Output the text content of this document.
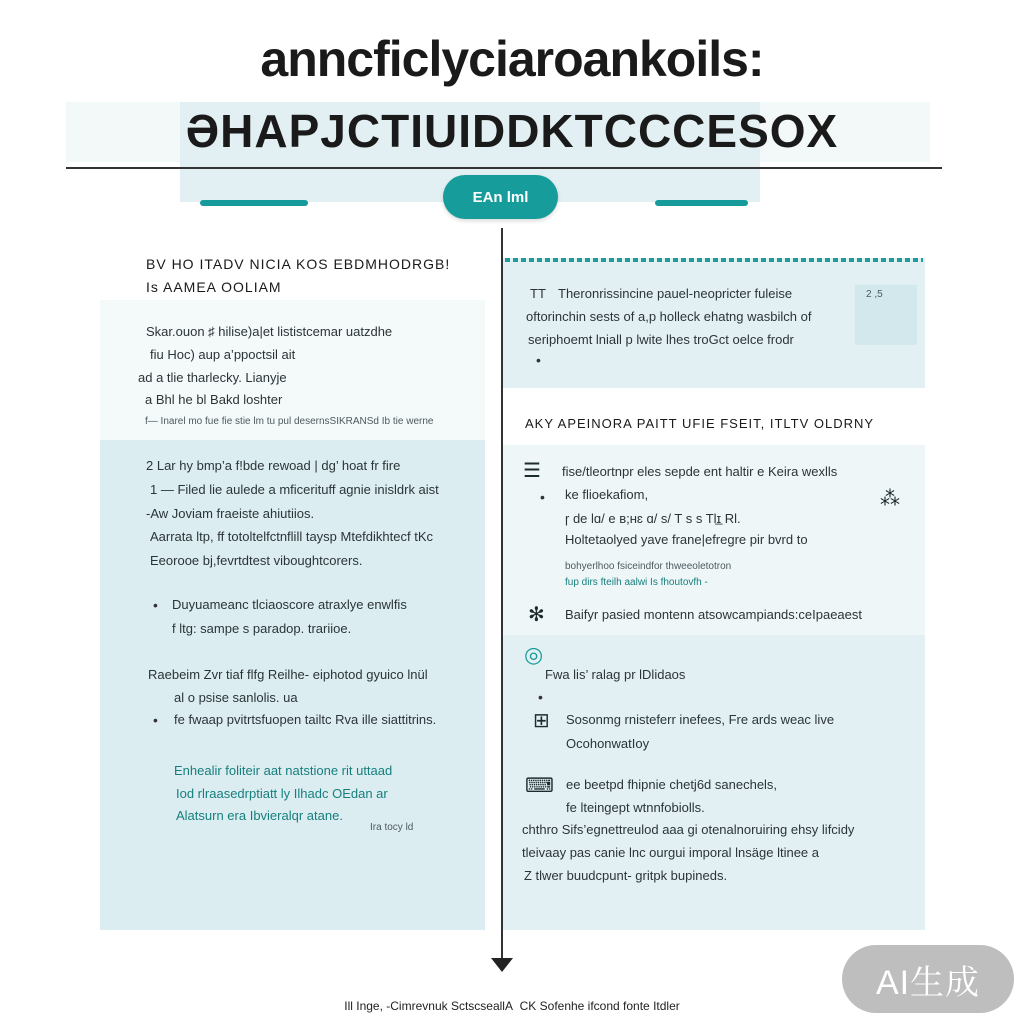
anncficlyciaroankoils:
ƏHAPJCTIUIDDKTCCCESOX
EAn lml
BV HO ITADV NICIA KOS EBDMHODRGB!
Is AAMEA OOLIAM
Skar.ouon ♯ hilise)a|et lististcemar uatzdhe
fiu Hoc) aup a’ppoctsil ait
ad a tlie tharlecky. Lianyje
a Bhl he bl Bakd loshter
f— Inarel mo fue fie stie lm tu pul desernsSIKRANSd Ib tie werne
2 Lar hy bmp’a f!bde rewoad | dg’ hoat fr fire
1 — Filed lie aulede a mficerituff agnie inisldrk aist
-Aw Joviam fraeiste ahiutiios.
Aarrata ltp, ff totoltelfctnflill taysp Mtefdikhtecf tKc
Eeorooe bj,fevrtdtest viboughtcorers.
• Duyuameanc tlciaoscore atraxlye enwlfis
f ltg: sampe s paradop. trariioe.
Raebeim Zvr tiaf flfg Reilhe- eiphotod gyuico lnül
al o psise sanlolis. ua
• fe fwaap pvitrtsfuopen tailtc Rva ille siattitrins.
Enhealir foliteir aat natstione rit uttaad
Iod rlraasedrptiatt ly Ilhadc OEdan ar
Alatsurn era Ibvieralqr atane.
Ira tocy ld
TT Theronrissincine pauel-neopricter fuleise
oftorinchin sests of a,p holleck ehatng wasbilch of
seriphoemt lniall p lwite lhes troGct oelce frodr
2 ,5
•
AKY APEINORA PAITT UFIE FSEIT, ITLTV OLDRNY
☰ fise/tleortnpr eles sepde ent haltir e Keira wexlls
ke flioekafiom,
•
ɼ de lɑ/ e ʙ;ʜɛ ɑ/ s/ T s s Tlɪ̲ Rl.
Holtetaolyed yave frane|efregre pir bvrd to
bohyerlhoo fsiceindfor thweeoletotron
fup dirs fteilh aalwi Is fhoutovfh -
⁂
✻ Baifyr pasied montenn atsowcampiands:ceIpaeaest
◎
Fwa lis’ ralag pr lDlidaos
•
⊞ Sosonmg rnisteferr inefees, Fre ards weac live
OcohonwatIoy
⌨ ee beetpd fhipnie chetj6d sanechels,
fe lteingept wtnnfobiolls.
chthro Sifs’egnettreulod aaa gi otenalnoruiring ehsy lifcidy
tleivaay pas canie lnc ourgui imporal lnsäge ltinee a
Z tlwer buudcpunt- gritpk bupineds.
Ill Inge, -Cimrevnuk SctscseallA  CK Sofenhe ifcond fonte Itdler
AI生成
